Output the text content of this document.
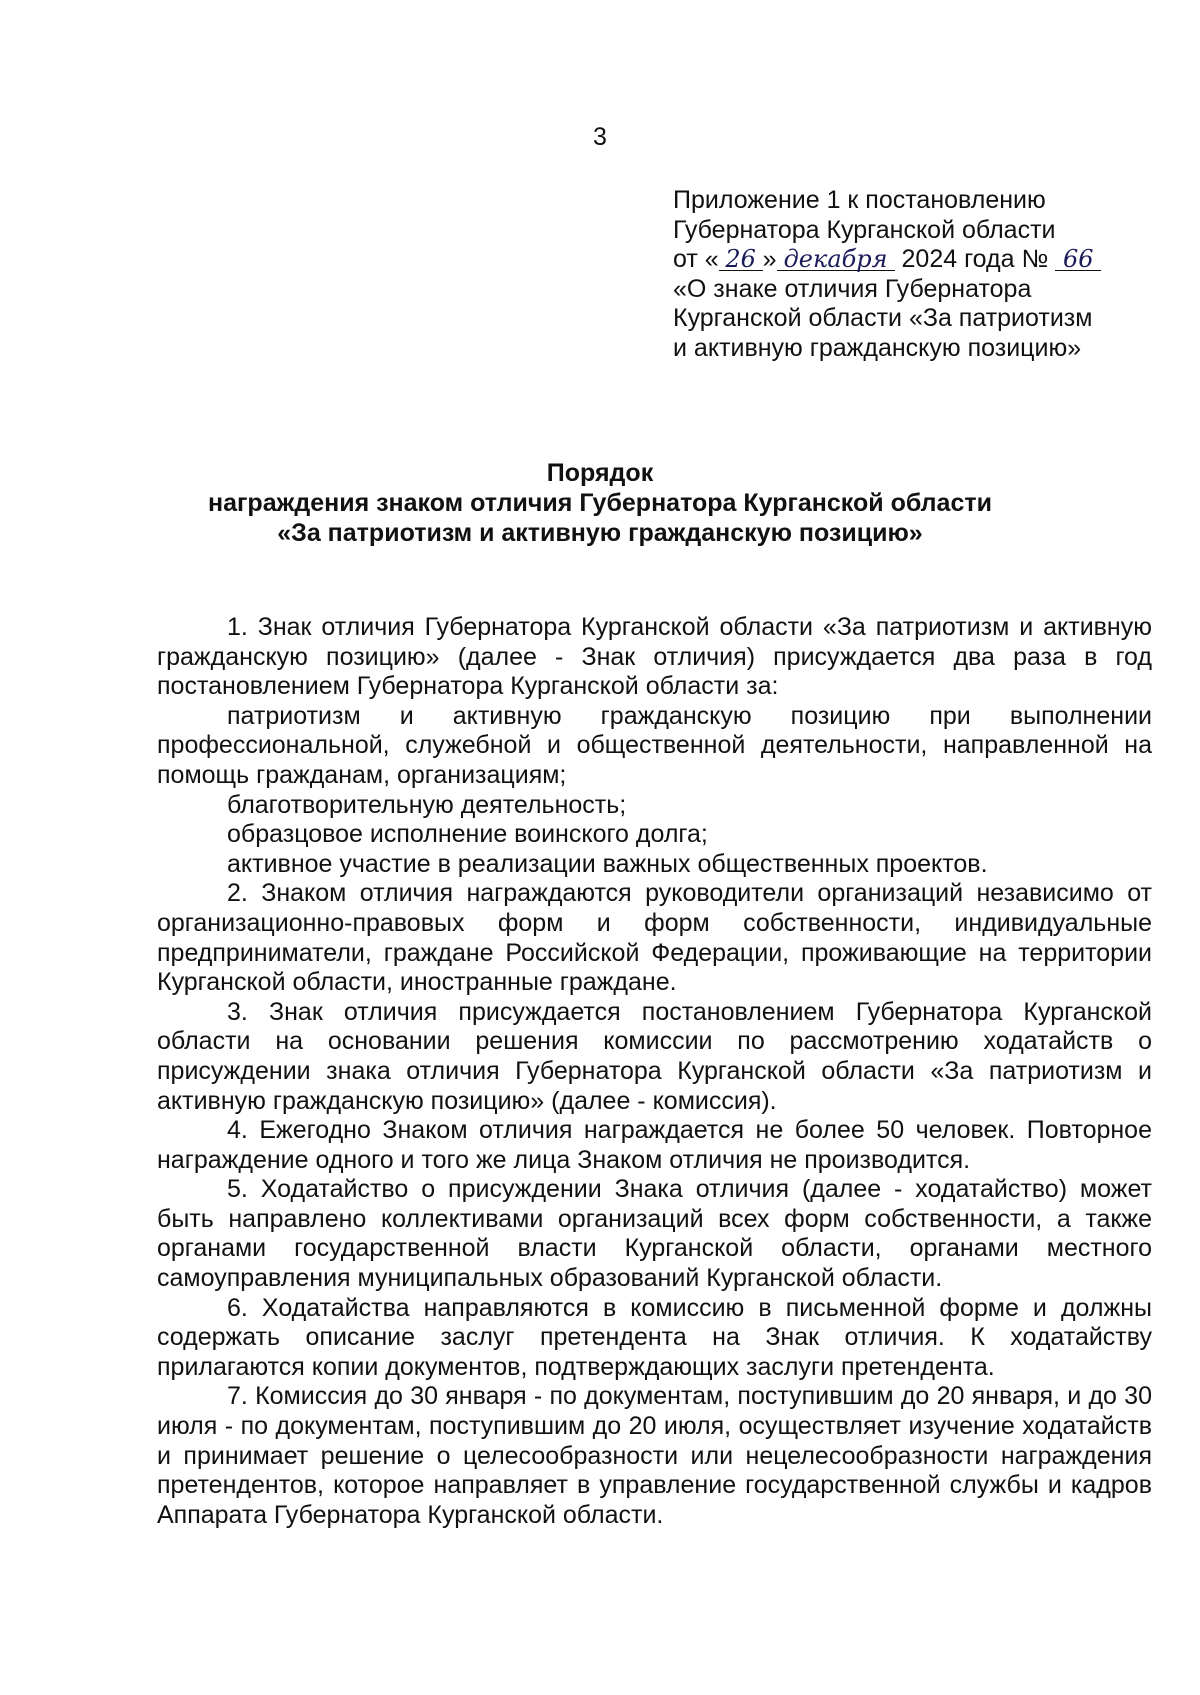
3
Приложение 1 к постановлению
Губернатора Курганской области
от « 26 » декабря 2024 года № 66
«О знаке отличия Губернатора
Курганской области «За патриотизм
и активную гражданскую позицию»
Порядок
награждения знаком отличия Губернатора Курганской области
«За патриотизм и активную гражданскую позицию»

1. Знак отличия Губернатора Курганской области «За патриотизм и активную гражданскую позицию» (далее - Знак отличия) присуждается два раза в год постановлением Губернатора Курганской области за:

патриотизм и активную гражданскую позицию при выполнении профессиональной, служебной и общественной деятельности, направленной на помощь гражданам, организациям;

благотворительную деятельность;

образцовое исполнение воинского долга;

активное участие в реализации важных общественных проектов.

2. Знаком отличия награждаются руководители организаций независимо от организационно-правовых форм и форм собственности, индивидуальные предприниматели, граждане Российской Федерации, проживающие на территории Курганской области, иностранные граждане.

3. Знак отличия присуждается постановлением Губернатора Курганской области на основании решения комиссии по рассмотрению ходатайств о присуждении знака отличия Губернатора Курганской области «За патриотизм и активную гражданскую позицию» (далее - комиссия).

4. Ежегодно Знаком отличия награждается не более 50 человек. Повторное награждение одного и того же лица Знаком отличия не производится.

5. Ходатайство о присуждении Знака отличия (далее - ходатайство) может быть направлено коллективами организаций всех форм собственности, а также органами государственной власти Курганской области, органами местного самоуправления муниципальных образований Курганской области.

6. Ходатайства направляются в комиссию в письменной форме и должны содержать описание заслуг претендента на Знак отличия. К ходатайству прилагаются копии документов, подтверждающих заслуги претендента.

7. Комиссия до 30 января - по документам, поступившим до 20 января, и до 30 июля - по документам, поступившим до 20 июля, осуществляет изучение ходатайств и принимает решение о целесообразности или нецелесообразности награждения претендентов, которое направляет в управление государственной службы и кадров Аппарата Губернатора Курганской области.
